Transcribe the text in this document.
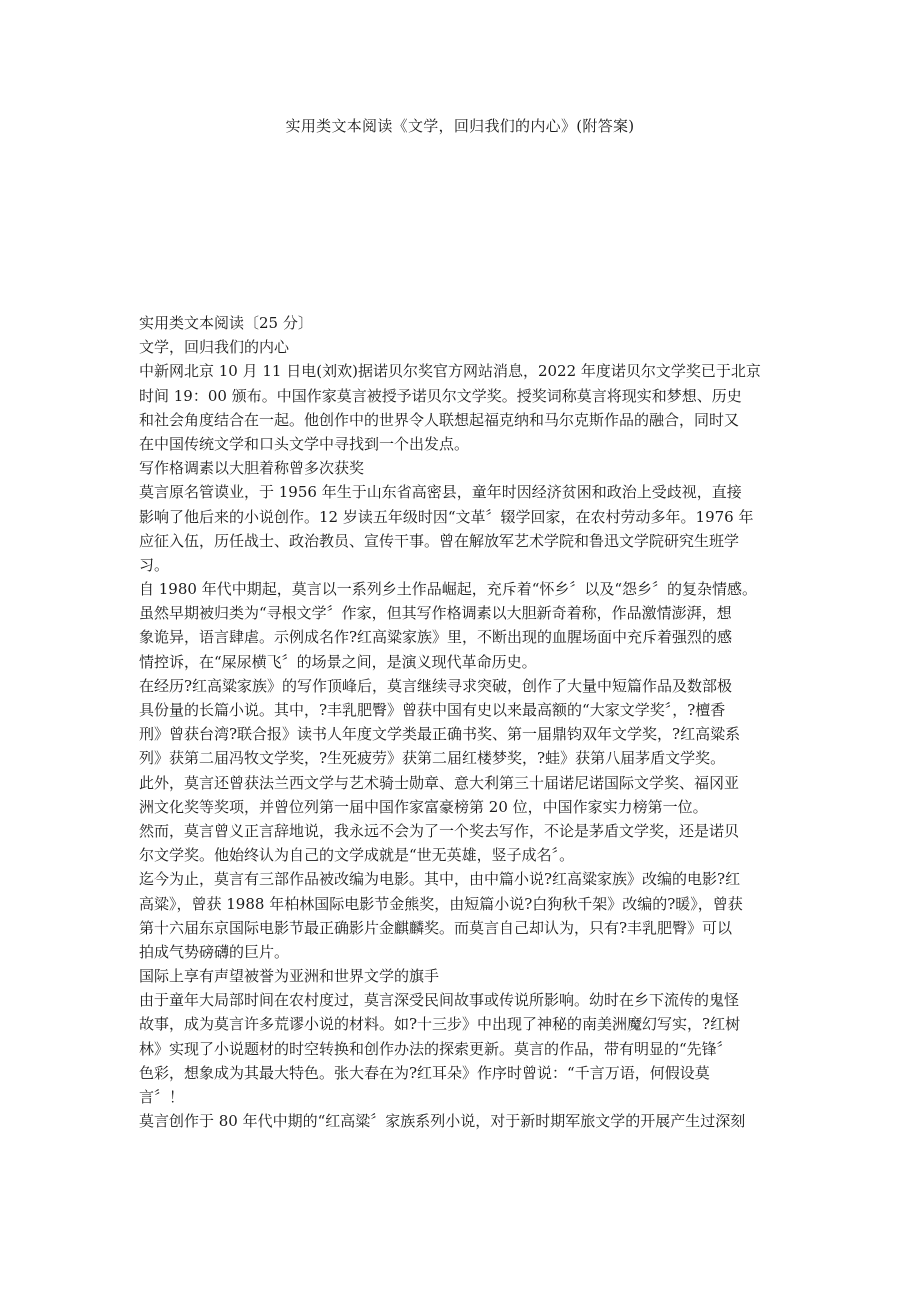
实用类文本阅读《文学，回归我们的内心》(附答案)
实用类文本阅读〔25 分〕
文学，回归我们的内心
中新网北京 10 月 11 日电(刘欢)据诺贝尔奖官方网站消息，2022 年度诺贝尔文学奖已于北京
时间 19：00 颁布。中国作家莫言被授予诺贝尔文学奖。授奖词称莫言将现实和梦想、历史
和社会角度结合在一起。他创作中的世界令人联想起福克纳和马尔克斯作品的融合，同时又
在中国传统文学和口头文学中寻找到一个出发点。
写作格调素以大胆着称曾多次获奖
莫言原名管谟业，于 1956 年生于山东省高密县，童年时因经济贫困和政治上受歧视，直接
影响了他后来的小说创作。12 岁读五年级时因“文革〞辍学回家，在农村劳动多年。1976 年
应征入伍，历任战士、政治教员、宣传干事。曾在解放军艺术学院和鲁迅文学院研究生班学
习。
自 1980 年代中期起，莫言以一系列乡土作品崛起，充斥着“怀乡〞以及“怨乡〞的复杂情感。
虽然早期被归类为“寻根文学〞作家，但其写作格调素以大胆新奇着称，作品激情澎湃，想
象诡异，语言肆虐。示例成名作?红高粱家族》里，不断出现的血腥场面中充斥着强烈的感
情控诉，在“屎尿横飞〞的场景之间，是演义现代革命历史。
在经历?红高粱家族》的写作顶峰后，莫言继续寻求突破，创作了大量中短篇作品及数部极
具份量的长篇小说。其中，?丰乳肥臀》曾获中国有史以来最高额的“大家文学奖〞，?檀香
刑》曾获台湾?联合报》读书人年度文学类最正确书奖、第一届鼎钧双年文学奖，?红高粱系
列》获第二届冯牧文学奖，?生死疲劳》获第二届红楼梦奖，?蛙》获第八届茅盾文学奖。
此外，莫言还曾获法兰西文学与艺术骑士勋章、意大利第三十届诺尼诺国际文学奖、福冈亚
洲文化奖等奖项，并曾位列第一届中国作家富豪榜第 20 位，中国作家实力榜第一位。
然而，莫言曾义正言辞地说，我永远不会为了一个奖去写作，不论是茅盾文学奖，还是诺贝
尔文学奖。他始终认为自己的文学成就是“世无英雄，竖子成名〞。
迄今为止，莫言有三部作品被改编为电影。其中，由中篇小说?红高粱家族》改编的电影?红
高粱》，曾获 1988 年柏林国际电影节金熊奖，由短篇小说?白狗秋千架》改编的?暖》，曾获
第十六届东京国际电影节最正确影片金麒麟奖。而莫言自己却认为，只有?丰乳肥臀》可以
拍成气势磅礴的巨片。
国际上享有声望被誉为亚洲和世界文学的旗手
由于童年大局部时间在农村度过，莫言深受民间故事或传说所影响。幼时在乡下流传的鬼怪
故事，成为莫言许多荒谬小说的材料。如?十三步》中出现了神秘的南美洲魔幻写实，?红树
林》实现了小说题材的时空转换和创作办法的探索更新。莫言的作品，带有明显的“先锋〞
色彩，想象成为其最大特色。张大春在为?红耳朵》作序时曾说：“千言万语，何假设莫
言〞！
莫言创作于 80 年代中期的“红高粱〞家族系列小说，对于新时期军旅文学的开展产生过深刻
